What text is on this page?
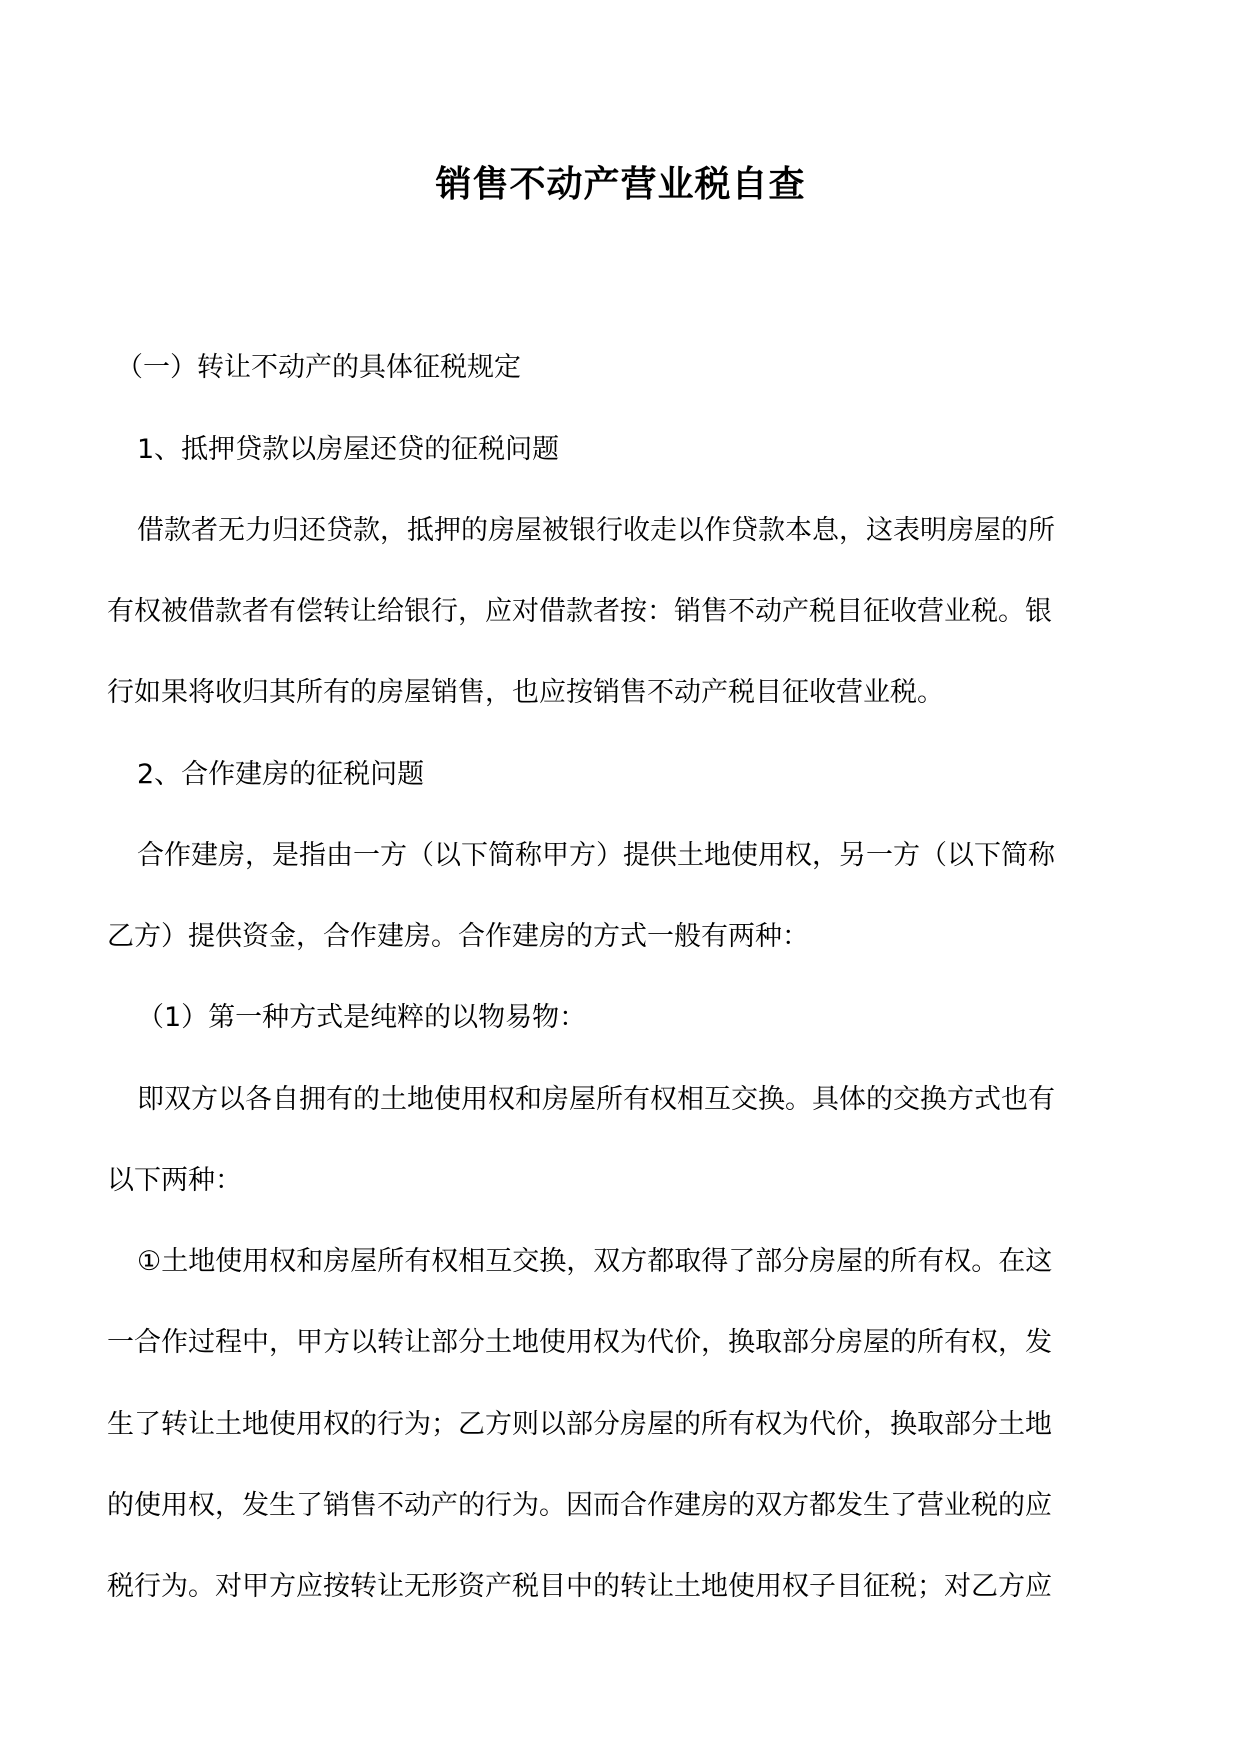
销售不动产营业税自查
（一）转让不动产的具体征税规定
1、抵押贷款以房屋还贷的征税问题
借款者无力归还贷款，抵押的房屋被银行收走以作贷款本息，这表明房屋的所
有权被借款者有偿转让给银行，应对借款者按：销售不动产税目征收营业税。银
行如果将收归其所有的房屋销售，也应按销售不动产税目征收营业税。
2、合作建房的征税问题
合作建房，是指由一方（以下简称甲方）提供土地使用权，另一方（以下简称
乙方）提供资金，合作建房。合作建房的方式一般有两种：
（1）第一种方式是纯粹的以物易物：
即双方以各自拥有的土地使用权和房屋所有权相互交换。具体的交换方式也有
以下两种：
①土地使用权和房屋所有权相互交换，双方都取得了部分房屋的所有权。在这
一合作过程中，甲方以转让部分土地使用权为代价，换取部分房屋的所有权，发
生了转让土地使用权的行为；乙方则以部分房屋的所有权为代价，换取部分土地
的使用权，发生了销售不动产的行为。因而合作建房的双方都发生了营业税的应
税行为。对甲方应按转让无形资产税目中的转让土地使用权子目征税；对乙方应
